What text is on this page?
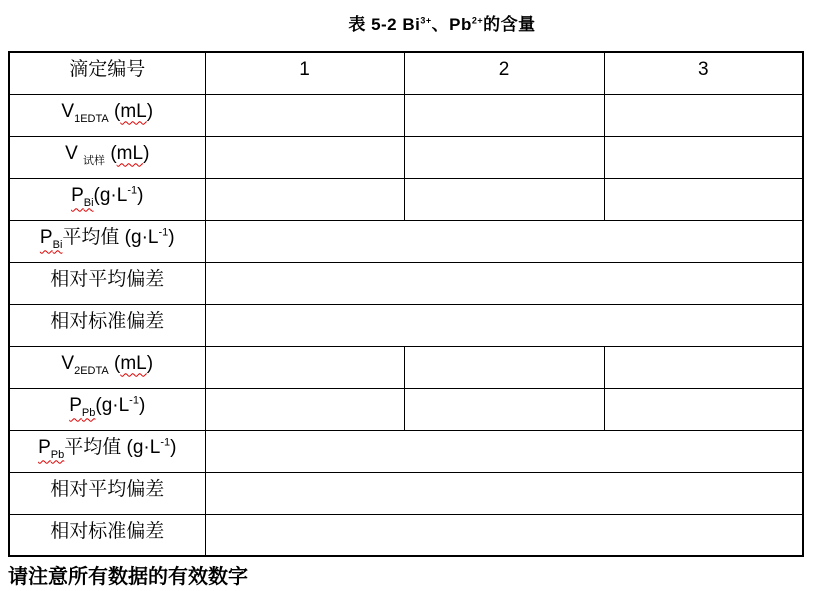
表 5-2 $Bi^{3+}$、$Pb^{2+}$的含量
滴定编号	1	2	3
$V_{1EDTA}$ (mL)			
V $_{试样}$ (mL)			
$P_{Bi}(g\cdot L^{-1})$			
$P_{Bi}$平均值 $(g\cdot L^{-1})$			
相对平均偏差			
相对标准偏差			
$V_{2EDTA}$ (mL)			
$P_{Pb}(g\cdot L^{-1})$			
$P_{Pb}$平均值 $(g\cdot L^{-1})$			
相对平均偏差			
相对标准偏差			
请注意所有数据的有效数字
